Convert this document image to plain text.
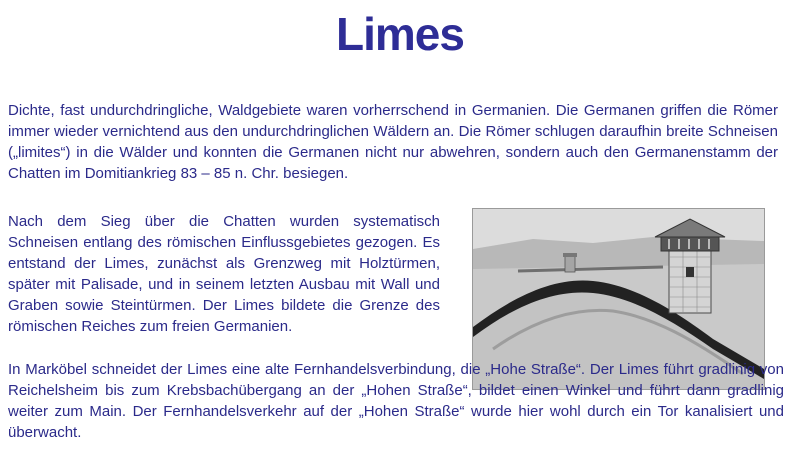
Limes

Dichte, fast undurchdringliche, Waldgebiete waren vorherrschend in Germanien. Die Germanen griffen die Römer immer wieder vernichtend aus den undurchdringlichen Wäldern an. Die Römer schlugen daraufhin breite Schneisen („limites“) in die Wälder und konnten die Germanen nicht nur abwehren, sondern auch den Germanenstamm der Chatten im Domitiankrieg 83 – 85 n. Chr. besiegen.

Nach dem Sieg über die Chatten wurden systematisch Schneisen entlang des römischen Einflussgebietes gezogen. Es entstand der Limes, zunächst als Grenzweg mit Holztürmen, später mit Palisade, und in seinem letzten Ausbau mit Wall und Graben sowie Steintürmen. Der Limes bildete die Grenze des römischen Reiches zum freien Germanien.

In Marköbel schneidet der Limes eine alte Fernhandelsverbindung, die „Hohe Straße“. Der Limes führt gradlinig von Reichelsheim bis zum Krebsbachübergang an der „Hohen Straße“, bildet einen Winkel und führt dann gradlinig weiter zum Main. Der Fernhandelsverkehr auf der „Hohen Straße“ wurde hier wohl durch ein Tor kanalisiert und überwacht.
